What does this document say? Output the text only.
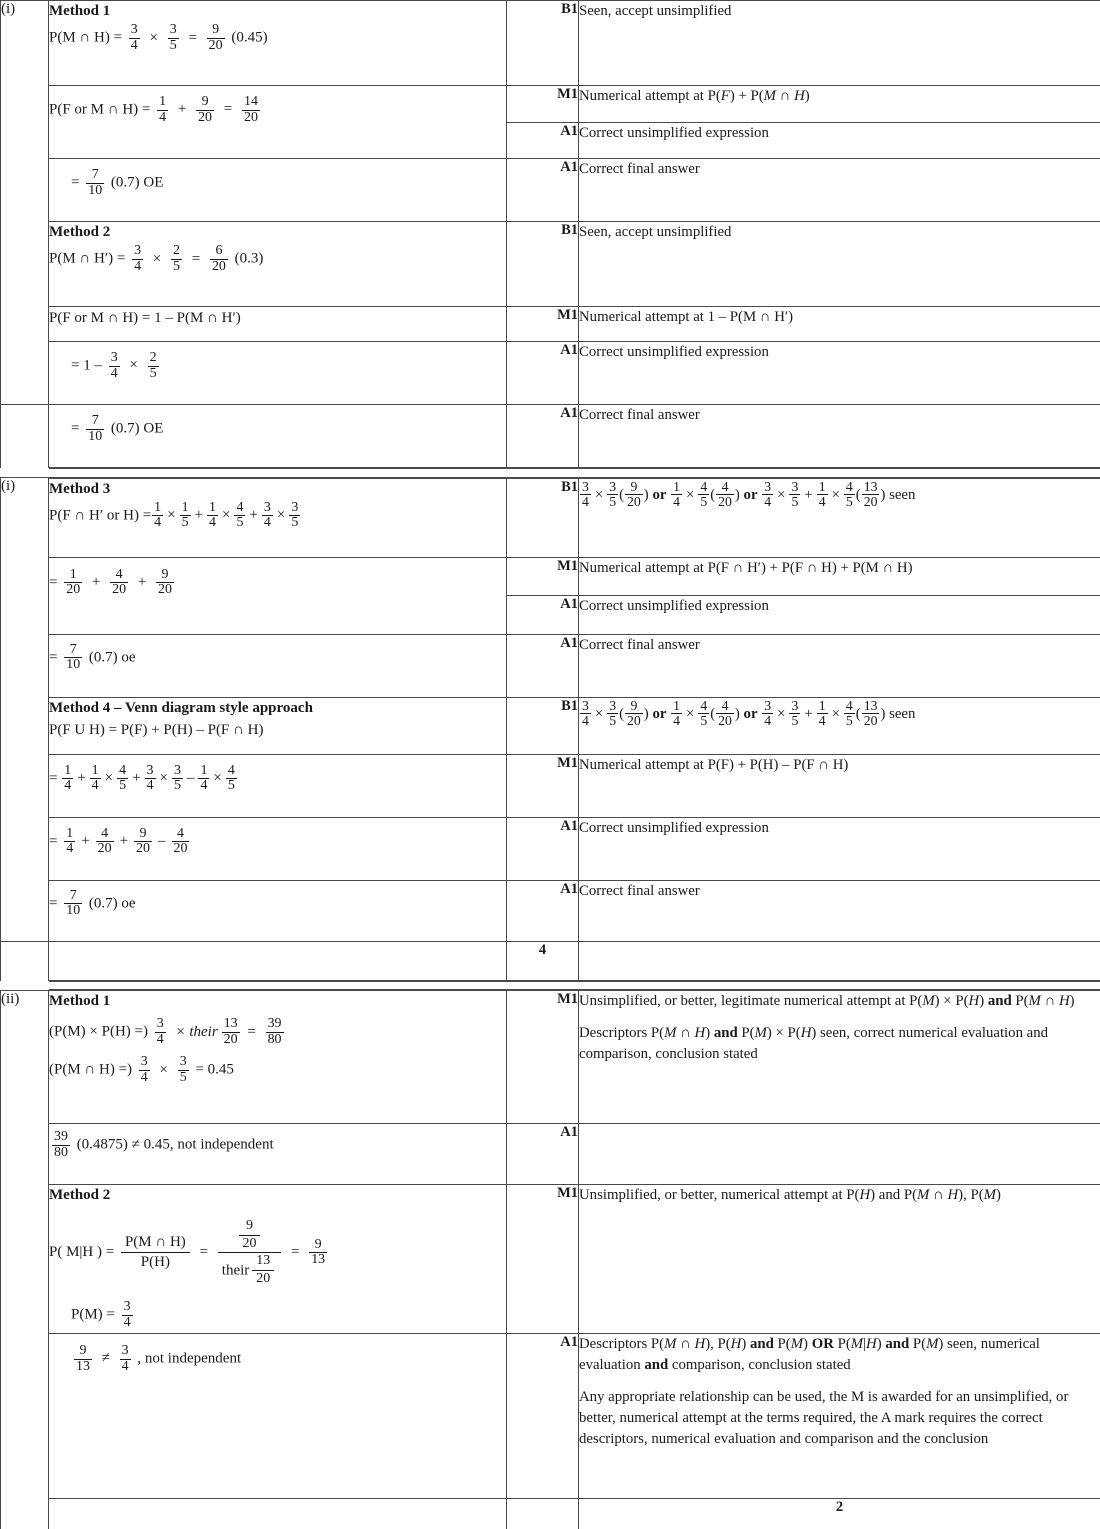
(i)	Method 1
P(M ∩ $H) = \frac{3}{4} \times \frac{3}{5} = \frac{9}{20} (0.45)$
	B1	Seen, accept unsimplified

P(F or M ∩ $H) = \frac{1}{4} + \frac{9}{20} = \frac{14}{20}$
	M1	Numerical attempt at P(F) + P(M ∩ H)
		A1	Correct unsimplified expression	

	= $\frac{7}{10} (0.7)$ OE	A1	Correct final answer	

Method 2
P(M ∩ $H') = \frac{3}{4} \times \frac{2}{5} = \frac{6}{20} (0.3)$
	B1	Seen, accept unsimplified

	P(F or M ∩ H) = 1 – P(M ∩ H′)	M1	Numerical attempt at 1 – P(M ∩ H′)	

= $1 - \frac{3}{4} \times \frac{2}{5}$
	A1	Correct unsimplified expression

	= $\frac{7}{10} (0.7)$ OE	A1	Correct final answer	

(i)	Method 3
P(F ∩ H′ or $H) = \frac{1}{4} \times \frac{1}{5} + \frac{1}{4} \times \frac{4}{5} + \frac{3}{4} \times \frac{3}{5}$
	B1	$\frac{3}{4} \times \frac{3}{5}$ ( $\frac{9}{20}$ ) or $\frac{1}{4} \times \frac{4}{5}$ ( $\frac{4}{20}$ ) or $\frac{3}{4} \times \frac{3}{5} + \frac{1}{4} \times \frac{4}{5}$ ( $\frac{13}{20}$ ) seen

= $\frac{1}{20} + \frac{4}{20} + \frac{9}{20}$
	M1	Numerical attempt at P(F ∩ H′) + P(F ∩ H) + P(M ∩ H)
		A1	Correct unsimplified expression	

	= $\frac{7}{10} (0.7)$ oe	A1	Correct final answer	

Method 4 – Venn diagram style approach
P(F U H) = P(F) + P(H) – P(F ∩ H)
	B1	$\frac{3}{4} \times \frac{3}{5}$ ( $\frac{9}{20}$ ) or $\frac{1}{4} \times \frac{4}{5}$ ( $\frac{4}{20}$ ) or $\frac{3}{4} \times \frac{3}{5} + \frac{1}{4} \times \frac{4}{5}$ ( $\frac{13}{20}$ ) seen

= $\frac{1}{4} + \frac{1}{4} \times \frac{4}{5} + \frac{3}{4} \times \frac{3}{5} - \frac{1}{4} \times \frac{4}{5}$
	M1	Numerical attempt at P(F) + P(H) – P(F ∩ H)

= $\frac{1}{4} + \frac{4}{20} + \frac{9}{20} - \frac{4}{20}$
	A1	Correct unsimplified expression

	= $\frac{7}{10} (0.7)$ oe	A1	Correct final answer	
		4		

(ii)	Method 1
(P(M) × P(H) =) $\frac{3}{4}$ × their $\frac{13}{20} = \frac{39}{80}$
(P(M ∩ H) =) $\frac{3}{4} \times \frac{3}{5} = 0.45$
	M1	Unsimplified, or better, legitimate numerical attempt at P(M) × P(H) and P(M ∩ H)
Descriptors P(M ∩ H) and P(M) × P(H) seen, correct numerical evaluation and comparison, conclusion stated

	$\frac{39}{80} (0.4875) \ne 0.45$, not independent	A1		

Method 2
P( M|H ) = $\frac{P(M \cap H)}{P(H)}$ =
$\frac{9}{20}$
their $\frac{13}{20}$
= $\frac{9}{13}$
$P(M) = \frac{3}{4}$
	M1	Unsimplified, or better, numerical attempt at P(H) and P(M ∩ H), P(M)

$\frac{9}{13} \ne \frac{3}{4}$ , not independent
	A1	Descriptors P(M ∩ H), P(H) and P(M) OR P(M|H) and P(M) seen, numerical evaluation and comparison, conclusion stated
Any appropriate relationship can be used, the M is awarded for an unsimplified, or better, numerical attempt at the terms required, the A mark requires the correct descriptors, numerical evaluation and comparison and the conclusion

			2	
